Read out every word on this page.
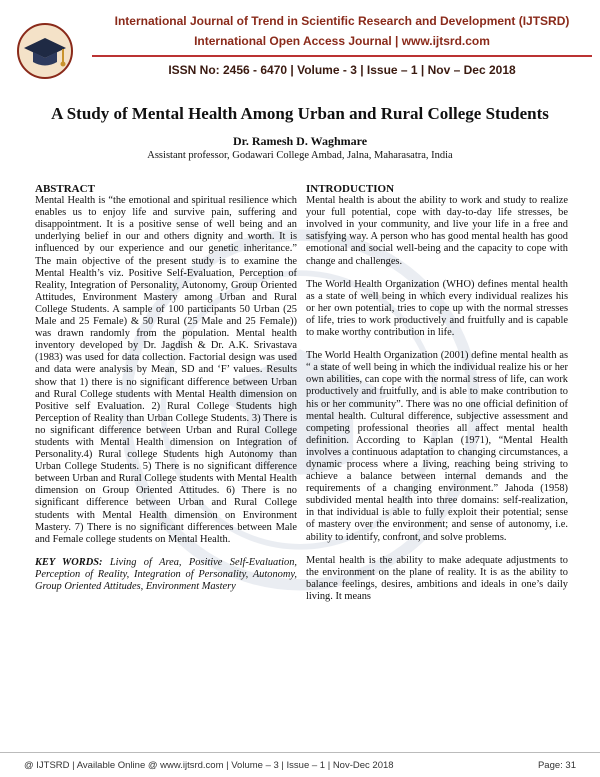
International Journal of Trend in Scientific Research and Development (IJTSRD)
International Open Access Journal | www.ijtsrd.com
ISSN No: 2456 - 6470 | Volume - 3 | Issue – 1 | Nov – Dec 2018
A Study of Mental Health Among Urban and Rural College Students
Dr. Ramesh D. Waghmare
Assistant professor, Godawari College Ambad, Jalna, Maharasatra, India

ABSTRACT

Mental Health is “the emotional and spiritual resilience which enables us to enjoy life and survive pain, suffering and disappointment. It is a positive sense of well being and an underlying belief in our and others dignity and worth. It is influenced by our experience and our genetic inheritance.” The main objective of the present study is to examine the Mental Health’s viz. Positive Self-Evaluation, Perception of Reality, Integration of Personality, Autonomy, Group Oriented Attitudes, Environment Mastery among Urban and Rural College Students. A sample of 100 participants 50 Urban (25 Male and 25 Female) & 50 Rural (25 Male and 25 Female)) was drawn randomly from the population. Mental health inventory developed by Dr. Jagdish & Dr. A.K. Srivastava (1983) was used for data collection. Factorial design was used and data were analysis by Mean, SD and ‘F’ values. Results show that 1) there is no significant difference between Urban and Rural College students with Mental Health dimension on Positive self Evaluation. 2) Rural College Students high Perception of Reality than Urban College Students. 3) There is no significant difference between Urban and Rural College students with Mental Health dimension on Integration of Personality.4) Rural college Students high Autonomy than Urban College Students. 5) There is no significant difference between Urban and Rural College students with Mental Health dimension on Group Oriented Attitudes. 6) There is no significant difference between Urban and Rural College students with Mental Health dimension on Environment Mastery. 7) There is no significant differences between Male and Female college students on Mental Health.

KEY WORDS: Living of Area, Positive Self-Evaluation, Perception of Reality, Integration of Personality, Autonomy, Group Oriented Attitudes, Environment Mastery

INTRODUCTION

Mental health is about the ability to work and study to realize your full potential, cope with day-to-day life stresses, be involved in your community, and live your life in a free and satisfying way. A person who has good mental health has good emotional and social well-being and the capacity to cope with change and challenges.

The World Health Organization (WHO) defines mental health as a state of well being in which every individual realizes his or her own potential, tries to cope up with the normal stresses of life, tries to work productively and fruitfully and is capable to make worthy contribution in life.

The World Health Organization (2001) define mental health as “ a state of well being in which the individual realize his or her own abilities, can cope with the normal stress of life, can work productively and fruitfully, and is able to make contribution to his or her community”. There was no one official definition of mental health. Cultural difference, subjective assessment and competing professional theories all affect mental health definition. According to Kaplan (1971), “Mental Health involves a continuous adaptation to changing circumstances, a dynamic process where a living, reaching being striving to achieve a balance between internal demands and the requirements of a changing environment.” Jahoda (1958) subdivided mental health into three domains: self-realization, in that individual is able to fully exploit their potential; sense of mastery over the environment; and sense of autonomy, i.e. ability to identify, confront, and solve problems.

Mental health is the ability to make adequate adjustments to the environment on the plane of reality. It is as the ability to balance feelings, desires, ambitions and ideals in one’s daily living. It means

@ IJTSRD | Available Online @ www.ijtsrd.com | Volume – 3 | Issue – 1 | Nov-Dec 2018	Page: 31
